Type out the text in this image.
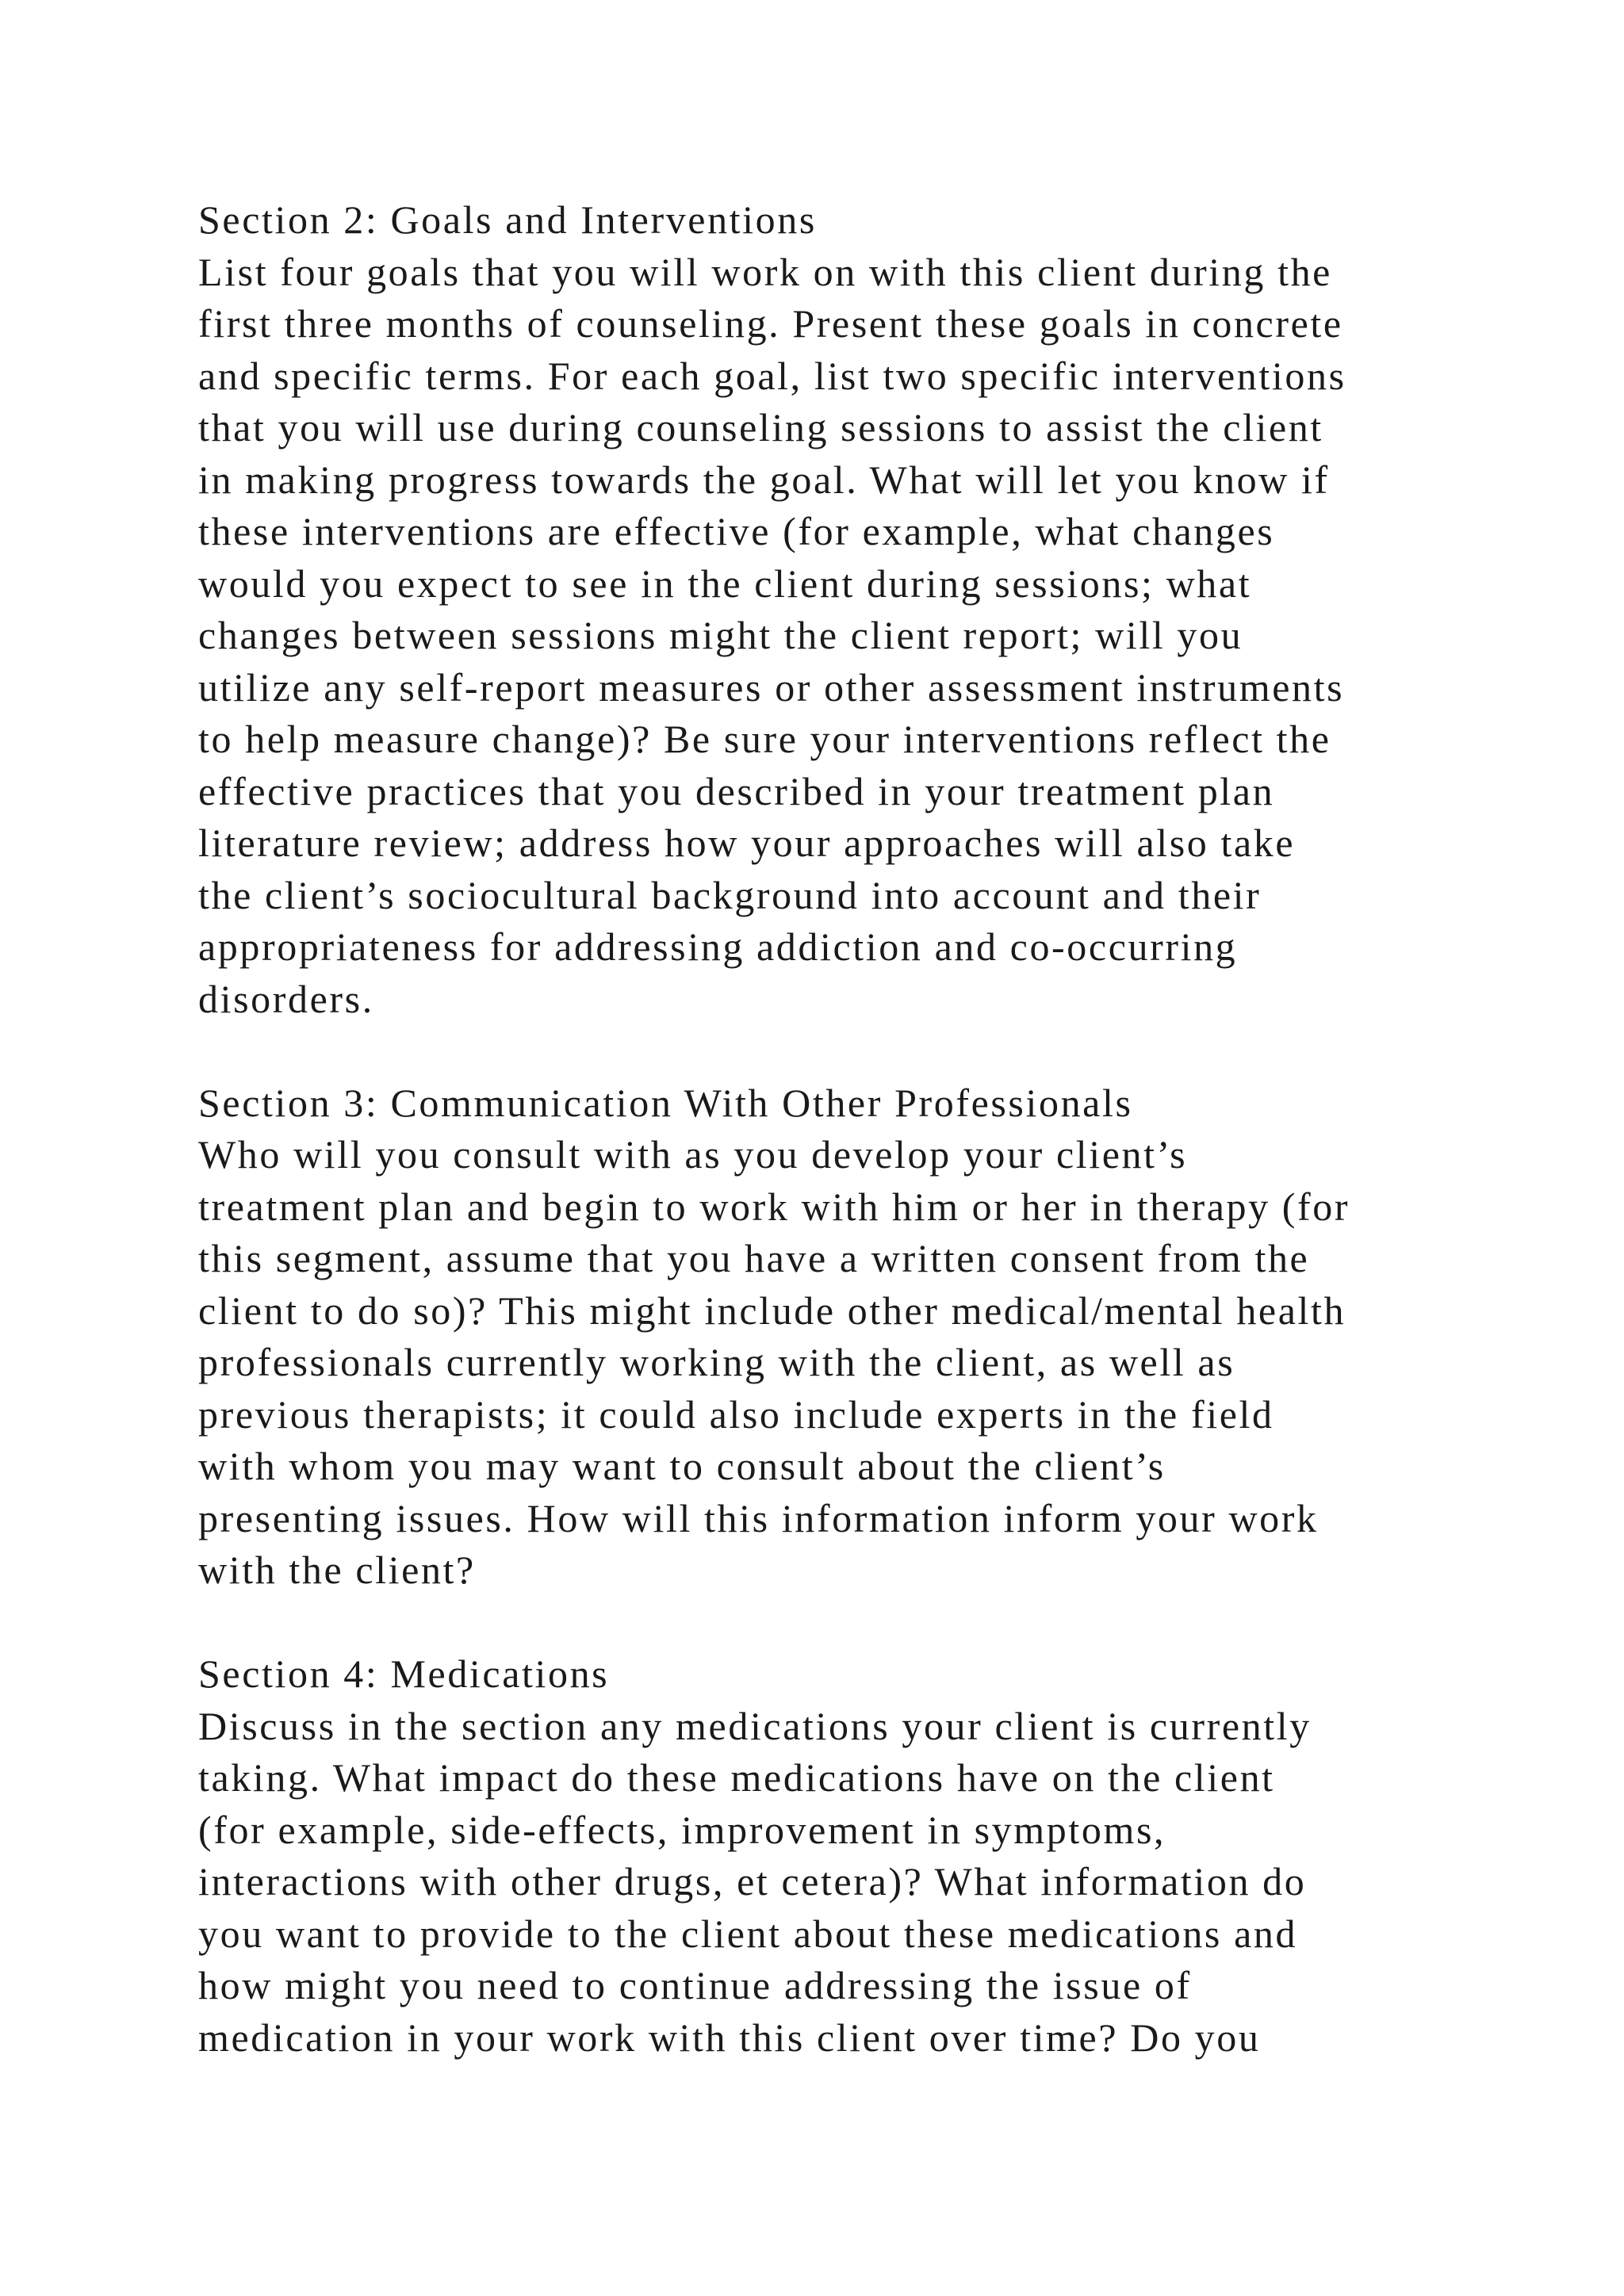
Section 2: Goals and Interventions
List four goals that you will work on with this client during the
first three months of counseling. Present these goals in concrete
and specific terms. For each goal, list two specific interventions
that you will use during counseling sessions to assist the client
in making progress towards the goal. What will let you know if
these interventions are effective (for example, what changes
would you expect to see in the client during sessions; what
changes between sessions might the client report; will you
utilize any self-report measures or other assessment instruments
to help measure change)? Be sure your interventions reflect the
effective practices that you described in your treatment plan
literature review; address how your approaches will also take
the client’s sociocultural background into account and their
appropriateness for addressing addiction and co-occurring
disorders.
Section 3: Communication With Other Professionals
Who will you consult with as you develop your client’s
treatment plan and begin to work with him or her in therapy (for
this segment, assume that you have a written consent from the
client to do so)? This might include other medical/mental health
professionals currently working with the client, as well as
previous therapists; it could also include experts in the field
with whom you may want to consult about the client’s
presenting issues. How will this information inform your work
with the client?
Section 4: Medications
Discuss in the section any medications your client is currently
taking. What impact do these medications have on the client
(for example, side-effects, improvement in symptoms,
interactions with other drugs, et cetera)? What information do
you want to provide to the client about these medications and
how might you need to continue addressing the issue of
medication in your work with this client over time? Do you
